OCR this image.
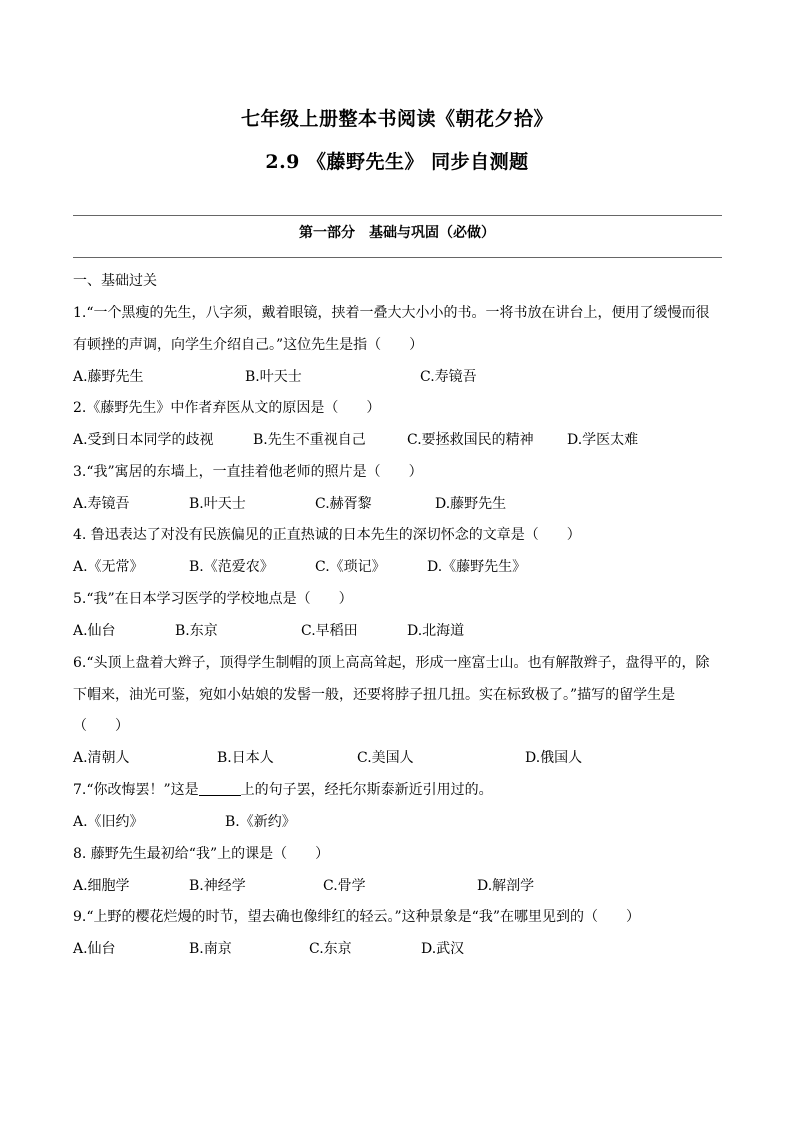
七年级上册整本书阅读《朝花夕拾》
2.9 《藤野先生》 同步自测题
第一部分　基础与巩固（必做）
一、基础过关
1.“一个黑瘦的先生，八字须，戴着眼镜，挟着一叠大大小小的书。一将书放在讲台上，便用了缓慢而很
有顿挫的声调，向学生介绍自己。”这位先生是指（　　）
A.藤野先生	B.叶天士	C.寿镜吾
2.《藤野先生》中作者弃医从文的原因是（　　）
A.受到日本同学的歧视	B.先生不重视自己	C.要拯救国民的精神 D.学医太难
3.“我”寓居的东墙上，一直挂着他老师的照片是（　　）
A.寿镜吾	B.叶天士	C.赫胥黎	D.藤野先生
4. 鲁迅表达了对没有民族偏见的正直热诚的日本先生的深切怀念的文章是（　　）
A.《无常》	B.《范爱农》	C.《琐记》	D.《藤野先生》
5.“我”在日本学习医学的学校地点是（　　）
A.仙台	B.东京	C.早稻田	D.北海道
6.“头顶上盘着大辫子，顶得学生制帽的顶上高高耸起，形成一座富士山。也有解散辫子，盘得平的，除
下帽来，油光可鉴，宛如小姑娘的发髻一般，还要将脖子扭几扭。实在标致极了。”描写的留学生是
（　　）
A.清朝人	B.日本人	C.美国人	D.俄国人
7.“你改悔罢！”这是	上的句子罢，经托尔斯泰新近引用过的。
A.《旧约》	B.《新约》
8. 藤野先生最初给“我”上的课是（　　）
A.细胞学	B.神经学	C.骨学	D.解剖学
9.“上野的樱花烂熳的时节，望去确也像绯红的轻云。”这种景象是“我”在哪里见到的（　　）
A.仙台	B.南京	C.东京	D.武汉
